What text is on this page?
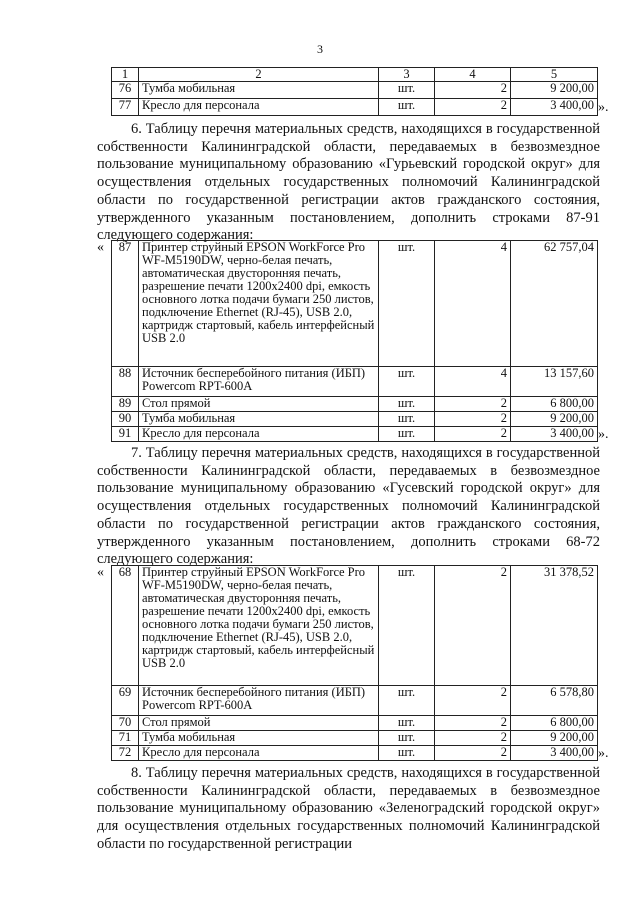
3
1	2	3	4	5
76	Тумба мобильная	шт.	2	9 200,00
77	Кресло для персонала	шт.	2	3 400,00 ».
6. Таблицу перечня материальных средств, находящихся в государственной собственности Калининградской области, передаваемых в безвозмездное пользование муниципальному образованию «Гурьевский городской округ» для осуществления отдельных государственных полномочий Калининградской области по государственной регистрации актов гражданского состояния, утвержденного указанным постановлением, дополнить строками 87-91 следующего содержания:
« 87	Принтер струйный EPSON WorkForce Pro WF-M5190DW, черно-белая печать, автоматическая двусторонняя печать, разрешение печати 1200x2400 dpi, емкость основного лотка подачи бумаги 250 листов, подключение Ethernet (RJ-45), USB 2.0, картридж стартовый, кабель интерфейсный USB 2.0	шт.	4	62 757,04
88	Источник бесперебойного питания (ИБП) Powercom RPT-600A	шт.	4	13 157,60
89	Стол прямой	шт.	2	6 800,00
90	Тумба мобильная	шт.	2	9 200,00
91	Кресло для персонала	шт.	2	3 400,00 ».
7. Таблицу перечня материальных средств, находящихся в государственной собственности Калининградской области, передаваемых в безвозмездное пользование муниципальному образованию «Гусевский городской округ» для осуществления отдельных государственных полномочий Калининградской области по государственной регистрации актов гражданского состояния, утвержденного указанным постановлением, дополнить строками 68-72 следующего содержания:
« 68	Принтер струйный EPSON WorkForce Pro WF-M5190DW, черно-белая печать, автоматическая двусторонняя печать, разрешение печати 1200x2400 dpi, емкость основного лотка подачи бумаги 250 листов, подключение Ethernet (RJ-45), USB 2.0, картридж стартовый, кабель интерфейсный USB 2.0	шт.	2	31 378,52
69	Источник бесперебойного питания (ИБП) Powercom RPT-600A	шт.	2	6 578,80
70	Стол прямой	шт.	2	6 800,00
71	Тумба мобильная	шт.	2	9 200,00
72	Кресло для персонала	шт.	2	3 400,00 ».
8. Таблицу перечня материальных средств, находящихся в государственной собственности Калининградской области, передаваемых в безвозмездное пользование муниципальному образованию «Зеленоградский городской округ» для осуществления отдельных государственных полномочий Калининградской области по государственной регистрации
